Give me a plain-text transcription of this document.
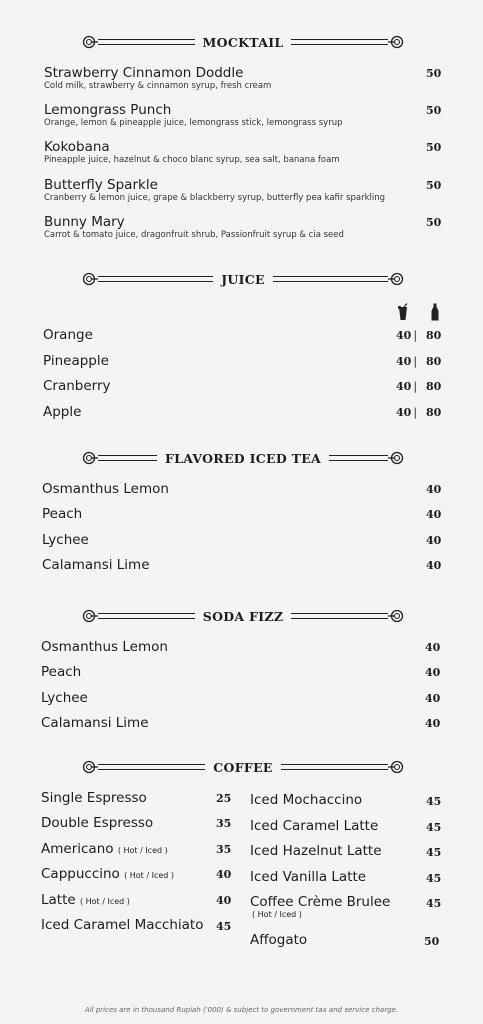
MOCKTAIL
Strawberry Cinnamon Doddle
Cold milk, strawberry & cinnamon syrup, fresh cream
50
Lemongrass Punch
Orange, lemon & pineapple juice, lemongrass stick, lemongrass syrup
50
Kokobana
Pineapple juice, hazelnut & choco blanc syrup, sea salt, banana foam
50
Butterfly Sparkle
Cranberry & lemon juice, grape & blackberry syrup, butterfly pea kafir sparkling
50
Bunny Mary
Carrot & tomato juice, dragonfruit shrub, Passionfruit syrup & cia seed
50
JUICE
Orange	40 | 80
Pineapple	40 | 80
Cranberry	40 | 80
Apple	40 | 80
FLAVORED ICED TEA
Osmanthus Lemon	40
Peach	40
Lychee	40
Calamansi Lime	40
SODA FIZZ
Osmanthus Lemon	40
Peach	40
Lychee	40
Calamansi Lime	40
COFFEE
Single Espresso	25
Double Espresso	35
Americano ( Hot / Iced )	35
Cappuccino ( Hot / Iced )	40
Latte ( Hot / Iced )	40
Iced Caramel Macchiato 45
Iced Mochaccino	45
Iced Caramel Latte	45
Iced Hazelnut Latte	45
Iced Vanilla Latte	45
Coffee Crème Brulee
( Hot / Iced )
45
Affogato	50
All prices are in thousand Rupiah ('000) & subject to government tax and service charge.
